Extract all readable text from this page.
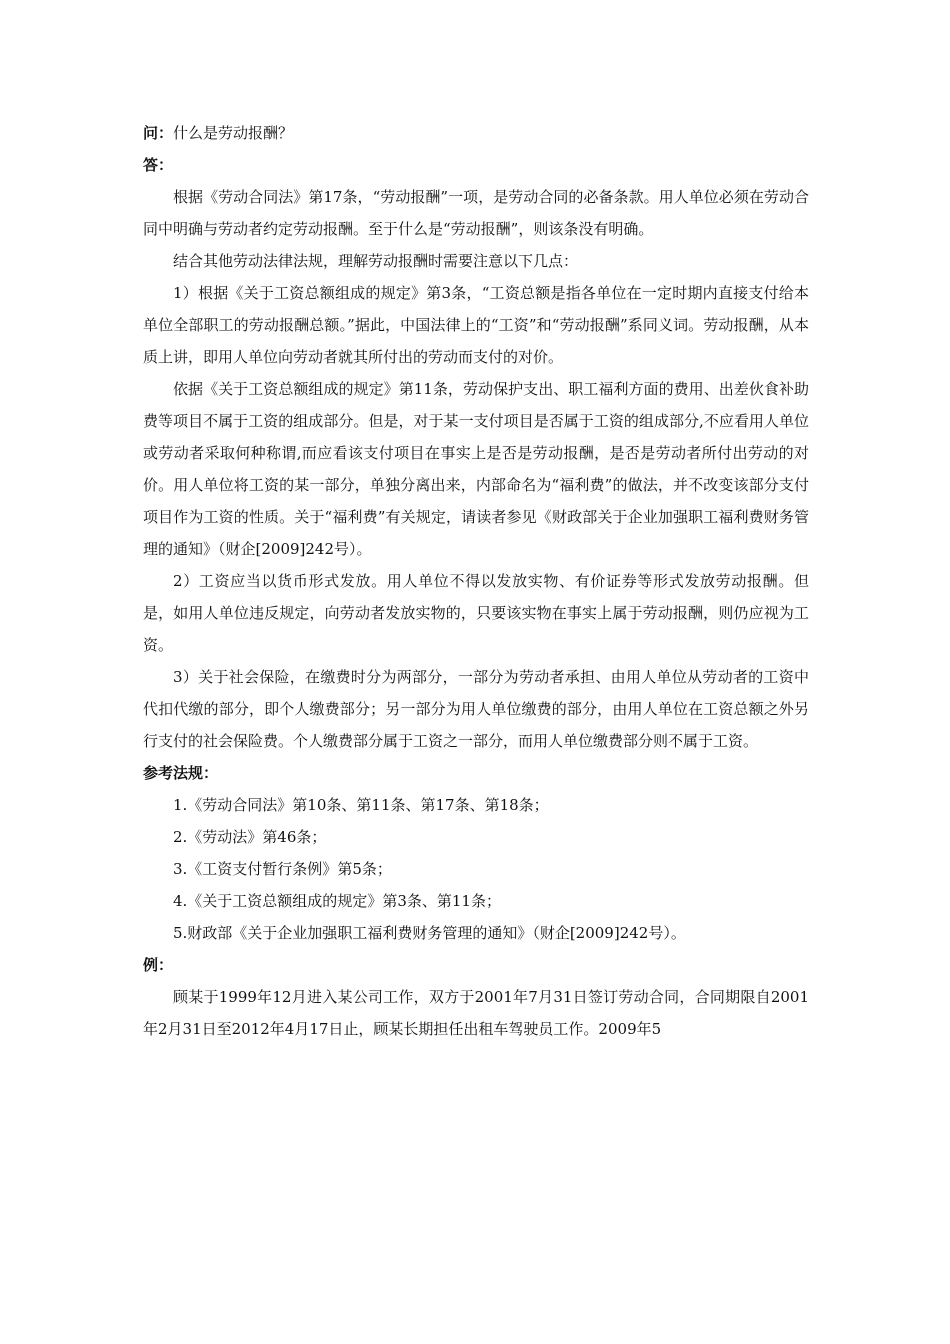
问：什么是劳动报酬？

答：

根据《劳动合同法》第17条，“劳动报酬”一项，是劳动合同的必备条款。用人单位必须在劳动合同中明确与劳动者约定劳动报酬。至于什么是“劳动报酬”，则该条没有明确。

结合其他劳动法律法规，理解劳动报酬时需要注意以下几点：

1）根据《关于工资总额组成的规定》第3条，“工资总额是指各单位在一定时期内直接支付给本单位全部职工的劳动报酬总额。”据此，中国法律上的“工资”和“劳动报酬”系同义词。劳动报酬，从本质上讲，即用人单位向劳动者就其所付出的劳动而支付的对价。

依据《关于工资总额组成的规定》第11条，劳动保护支出、职工福利方面的费用、出差伙食补助费等项目不属于工资的组成部分。但是，对于某一支付项目是否属于工资的组成部分,不应看用人单位或劳动者采取何种称谓,而应看该支付项目在事实上是否是劳动报酬，是否是劳动者所付出劳动的对价。用人单位将工资的某一部分，单独分离出来，内部命名为“福利费”的做法，并不改变该部分支付项目作为工资的性质。关于“福利费”有关规定，请读者参见《财政部关于企业加强职工福利费财务管理的通知》（财企[2009]242号）。

2）工资应当以货币形式发放。用人单位不得以发放实物、有价证券等形式发放劳动报酬。但是，如用人单位违反规定，向劳动者发放实物的，只要该实物在事实上属于劳动报酬，则仍应视为工资。

3）关于社会保险，在缴费时分为两部分，一部分为劳动者承担、由用人单位从劳动者的工资中代扣代缴的部分，即个人缴费部分；另一部分为用人单位缴费的部分，由用人单位在工资总额之外另行支付的社会保险费。个人缴费部分属于工资之一部分，而用人单位缴费部分则不属于工资。

参考法规：

1.《劳动合同法》第10条、第11条、第17条、第18条；

2.《劳动法》第46条；

3.《工资支付暂行条例》第5条；

4.《关于工资总额组成的规定》第3条、第11条；

5.财政部《关于企业加强职工福利费财务管理的通知》（财企[2009]242号）。

例：

顾某于1999年12月进入某公司工作，双方于2001年7月31日签订劳动合同，合同期限自2001年2月31日至2012年4月17日止，顾某长期担任出租车驾驶员工作。2009年5
